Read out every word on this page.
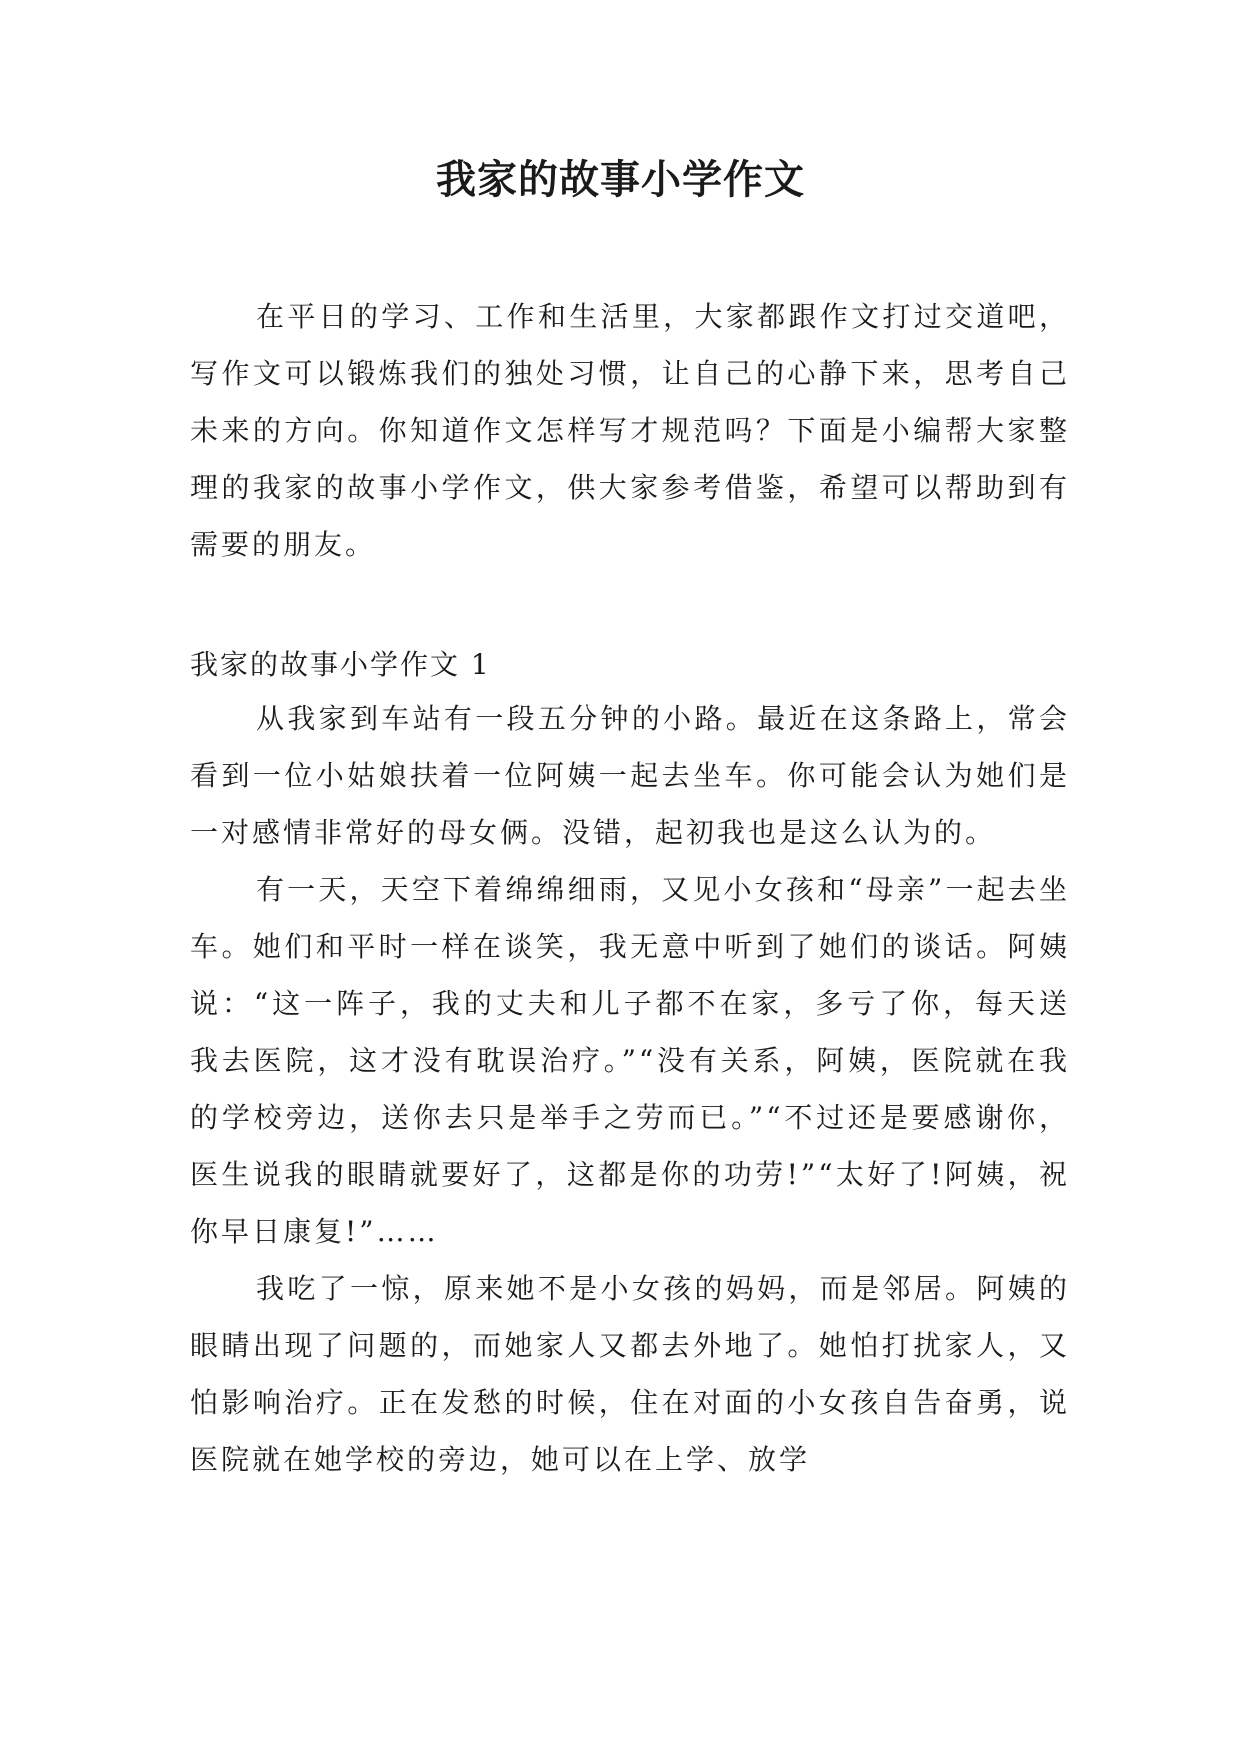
我家的故事小学作文

在平日的学习、工作和生活里，大家都跟作文打过交道吧，写作文可以锻炼我们的独处习惯，让自己的心静下来，思考自己未来的方向。你知道作文怎样写才规范吗？下面是小编帮大家整理的我家的故事小学作文，供大家参考借鉴，希望可以帮助到有需要的朋友。

我家的故事小学作文 1

从我家到车站有一段五分钟的小路。最近在这条路上，常会看到一位小姑娘扶着一位阿姨一起去坐车。你可能会认为她们是一对感情非常好的母女俩。没错，起初我也是这么认为的。

有一天，天空下着绵绵细雨，又见小女孩和“母亲”一起去坐车。她们和平时一样在谈笑，我无意中听到了她们的谈话。阿姨说：“这一阵子，我的丈夫和儿子都不在家，多亏了你，每天送我去医院，这才没有耽误治疗。”“没有关系，阿姨，医院就在我的学校旁边，送你去只是举手之劳而已。”“不过还是要感谢你，医生说我的眼睛就要好了，这都是你的功劳!”“太好了!阿姨，祝你早日康复!”……

我吃了一惊，原来她不是小女孩的妈妈，而是邻居。阿姨的眼睛出现了问题的，而她家人又都去外地了。她怕打扰家人，又怕影响治疗。正在发愁的时候，住在对面的小女孩自告奋勇，说医院就在她学校的旁边，她可以在上学、放学
